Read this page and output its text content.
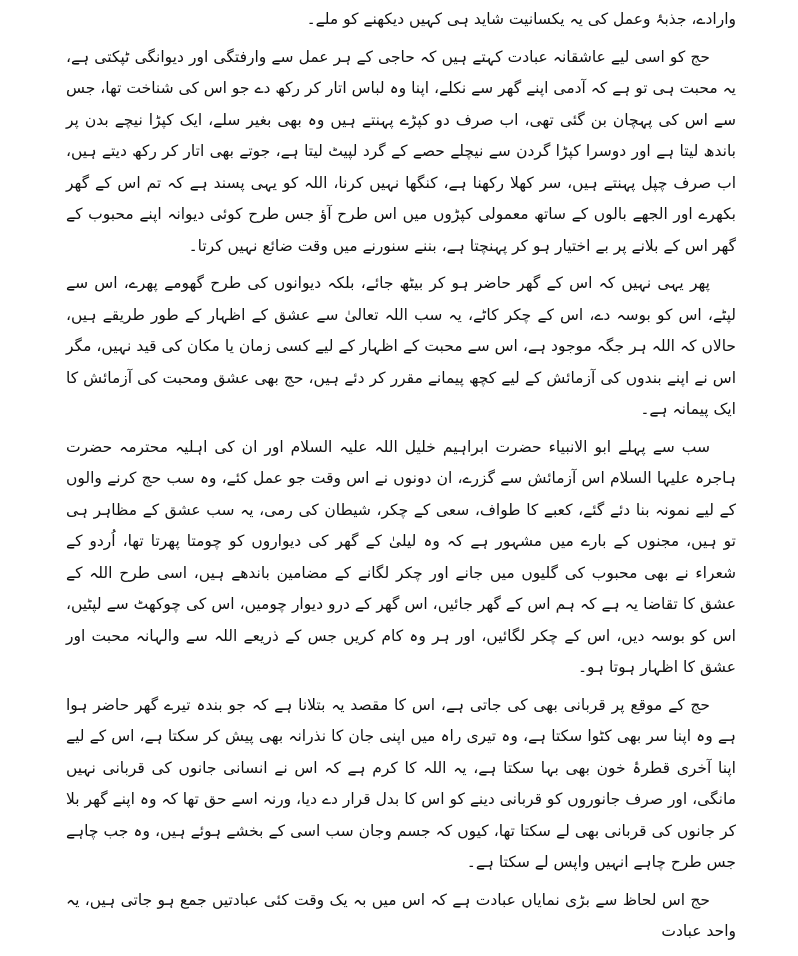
وارادے، جذبۂ وعمل کی یہ یکسانیت شاید ہی کہیں دیکھنے کو ملے۔

حج کو اسی لیے عاشقانہ عبادت کہتے ہیں کہ حاجی کے ہر عمل سے وارفتگی اور دیوانگی ٹپکتی ہے، یہ محبت ہی تو ہے کہ آدمی اپنے گھر سے نکلے، اپنا وہ لباس اتار کر رکھ دے جو اس کی شناخت تھا، جس سے اس کی پہچان بن گئی تھی، اب صرف دو کپڑے پہنتے ہیں وہ بھی بغیر سلے، ایک کپڑا نیچے بدن پر باندھ لیتا ہے اور دوسرا کپڑا گردن سے نیچلے حصے کے گرد لپیٹ لیتا ہے، جوتے بھی اتار کر رکھ دیتے ہیں، اب صرف چپل پہنتے ہیں، سر کھلا رکھنا ہے، کنگھا نہیں کرنا، اللہ کو یہی پسند ہے کہ تم اس کے گھر بکھرے اور الجھے بالوں کے ساتھ معمولی کپڑوں میں اس طرح آؤ جس طرح کوئی دیوانہ اپنے محبوب کے گھر اس کے بلانے پر بے اختیار ہو کر پہنچتا ہے، بننے سنورنے میں وقت ضائع نہیں کرتا۔

پھر یہی نہیں کہ اس کے گھر حاضر ہو کر بیٹھ جائے، بلکہ دیوانوں کی طرح گھومے پھرے، اس سے لپٹے، اس کو بوسہ دے، اس کے چکر کاٹے، یہ سب اللہ تعالیٰ سے عشق کے اظہار کے طور طریقے ہیں، حالاں کہ اللہ ہر جگہ موجود ہے، اس سے محبت کے اظہار کے لیے کسی زمان یا مکان کی قید نہیں، مگر اس نے اپنے بندوں کی آزمائش کے لیے کچھ پیمانے مقرر کر دئے ہیں، حج بھی عشق ومحبت کی آزمائش کا ایک پیمانہ ہے۔

سب سے پہلے ابو الانبیاء حضرت ابراہیم خلیل اللہ علیہ السلام اور ان کی اہلیہ محترمہ حضرت ہاجرہ علیہا السلام اس آزمائش سے گزرے، ان دونوں نے اس وقت جو عمل کئے، وہ سب حج کرنے والوں کے لیے نمونہ بنا دئے گئے، کعبے کا طواف، سعی کے چکر، شیطان کی رمی، یہ سب عشق کے مظاہر ہی تو ہیں، مجنوں کے بارے میں مشہور ہے کہ وہ لیلیٰ کے گھر کی دیواروں کو چومتا پھرتا تھا، اُردو کے شعراء نے بھی محبوب کی گلیوں میں جانے اور چکر لگانے کے مضامین باندھے ہیں، اسی طرح اللہ کے عشق کا تقاضا یہ ہے کہ ہم اس کے گھر جائیں، اس گھر کے درو دیوار چومیں، اس کی چوکھٹ سے لپٹیں، اس کو بوسہ دیں، اس کے چکر لگائیں، اور ہر وہ کام کریں جس کے ذریعے اللہ سے والہانہ محبت اور عشق کا اظہار ہوتا ہو۔

حج کے موقع پر قربانی بھی کی جاتی ہے، اس کا مقصد یہ بتلانا ہے کہ جو بندہ تیرے گھر حاضر ہوا ہے وہ اپنا سر بھی کٹوا سکتا ہے، وہ تیری راہ میں اپنی جان کا نذرانہ بھی پیش کر سکتا ہے، اس کے لیے اپنا آخری قطرۂ خون بھی بہا سکتا ہے، یہ اللہ کا کرم ہے کہ اس نے انسانی جانوں کی قربانی نہیں مانگی، اور صرف جانوروں کو قربانی دینے کو اس کا بدل قرار دے دیا، ورنہ اسے حق تھا کہ وہ اپنے گھر بلا کر جانوں کی قربانی بھی لے سکتا تھا، کیوں کہ جسم وجان سب اسی کے بخشے ہوئے ہیں، وہ جب چاہے جس طرح چاہے انہیں واپس لے سکتا ہے۔

حج اس لحاظ سے بڑی نمایاں عبادت ہے کہ اس میں بہ یک وقت کئی عبادتیں جمع ہو جاتی ہیں، یہ واحد عبادت
